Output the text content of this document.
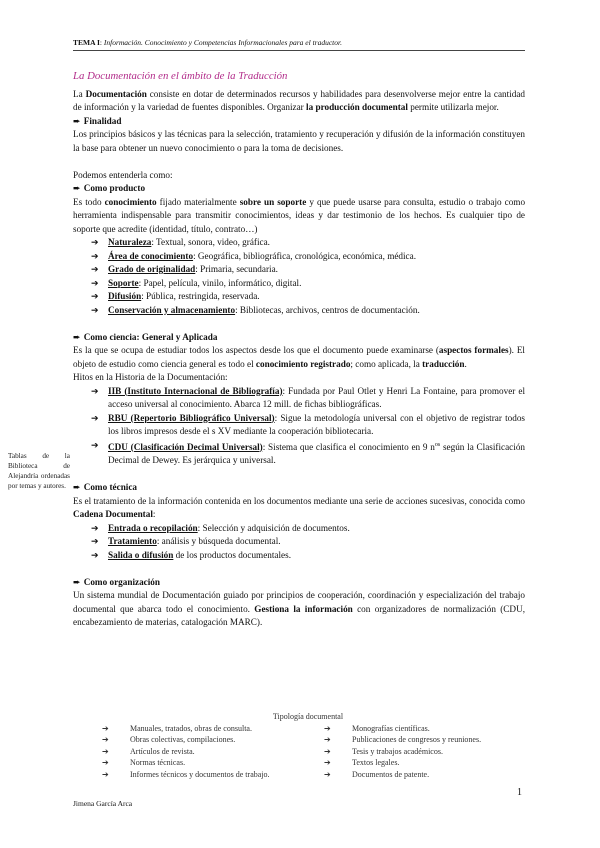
TEMA I: Información. Conocimiento y Competencias Informacionales para el traductor.

La Documentación en el ámbito de la Traducción

La Documentación consiste en dotar de determinados recursos y habilidades para desenvolverse mejor entre la cantidad de información y la variedad de fuentes disponibles. Organizar la producción documental permite utilizarla mejor.

➨ Finalidad

Los principios básicos y las técnicas para la selección, tratamiento y recuperación y difusión de la información constituyen la base para obtener un nuevo conocimiento o para la toma de decisiones.

Podemos entenderla como:

➨ Como producto

Es todo conocimiento fijado materialmente sobre un soporte y que puede usarse para consulta, estudio o trabajo como herramienta indispensable para transmitir conocimientos, ideas y dar testimonio de los hechos. Es cualquier tipo de soporte que acredite (identidad, título, contrato…)

➔ Naturaleza: Textual, sonora, video, gráfica.
➔ Área de conocimiento: Geográfica, bibliográfica, cronológica, económica, médica.
➔ Grado de originalidad: Primaria, secundaria.
➔ Soporte: Papel, película, vinilo, informático, digital.
➔ Difusión: Pública, restringida, reservada.
➔ Conservación y almacenamiento: Bibliotecas, archivos, centros de documentación.

➨ Como ciencia: General y Aplicada

Es la que se ocupa de estudiar todos los aspectos desde los que el documento puede examinarse (aspectos formales). El objeto de estudio como ciencia general es todo el conocimiento registrado; como aplicada, la traducción.

Hitos en la Historia de la Documentación:

➔ IIB (Instituto Internacional de Bibliografía): Fundada por Paul Otlet y Henri La Fontaine, para promover el acceso universal al conocimiento. Abarca 12 mill. de fichas bibliográficas.
➔ RBU (Repertorio Bibliográfico Universal): Sigue la metodología universal con el objetivo de registrar todos los libros impresos desde el s XV mediante la cooperación bibliotecaria.
➔ CDU (Clasificación Decimal Universal): Sistema que clasifica el conocimiento en 9 $n^{os}$ según la Clasificación Decimal de Dewey. Es jerárquica y universal.

➨ Como técnica

Es el tratamiento de la información contenida en los documentos mediante una serie de acciones sucesivas, conocida como Cadena Documental:

➔ Entrada o recopilación: Selección y adquisición de documentos.
➔ Tratamiento: análisis y búsqueda documental.
➔ Salida o difusión de los productos documentales.

➨ Como organización

Un sistema mundial de Documentación guiado por principios de cooperación, coordinación y especialización del trabajo documental que abarca todo el conocimiento. Gestiona la información con organizadores de normalización (CDU, encabezamiento de materias, catalogación MARC).

Tablas de la Biblioteca de Alejandría ordenadas por temas y autores.
Tipología documental
➔	Manuales, tratados, obras de consulta.	➔	Monografías científicas.
➔	Obras colectivas, compilaciones.	➔	Publicaciones de congresos y reuniones.
➔	Artículos de revista.	➔	Tesis y trabajos académicos.
➔	Normas técnicas.	➔	Textos legales.
➔	Informes técnicos y documentos de trabajo.	➔	Documentos de patente.
1
Jimena García Arca
